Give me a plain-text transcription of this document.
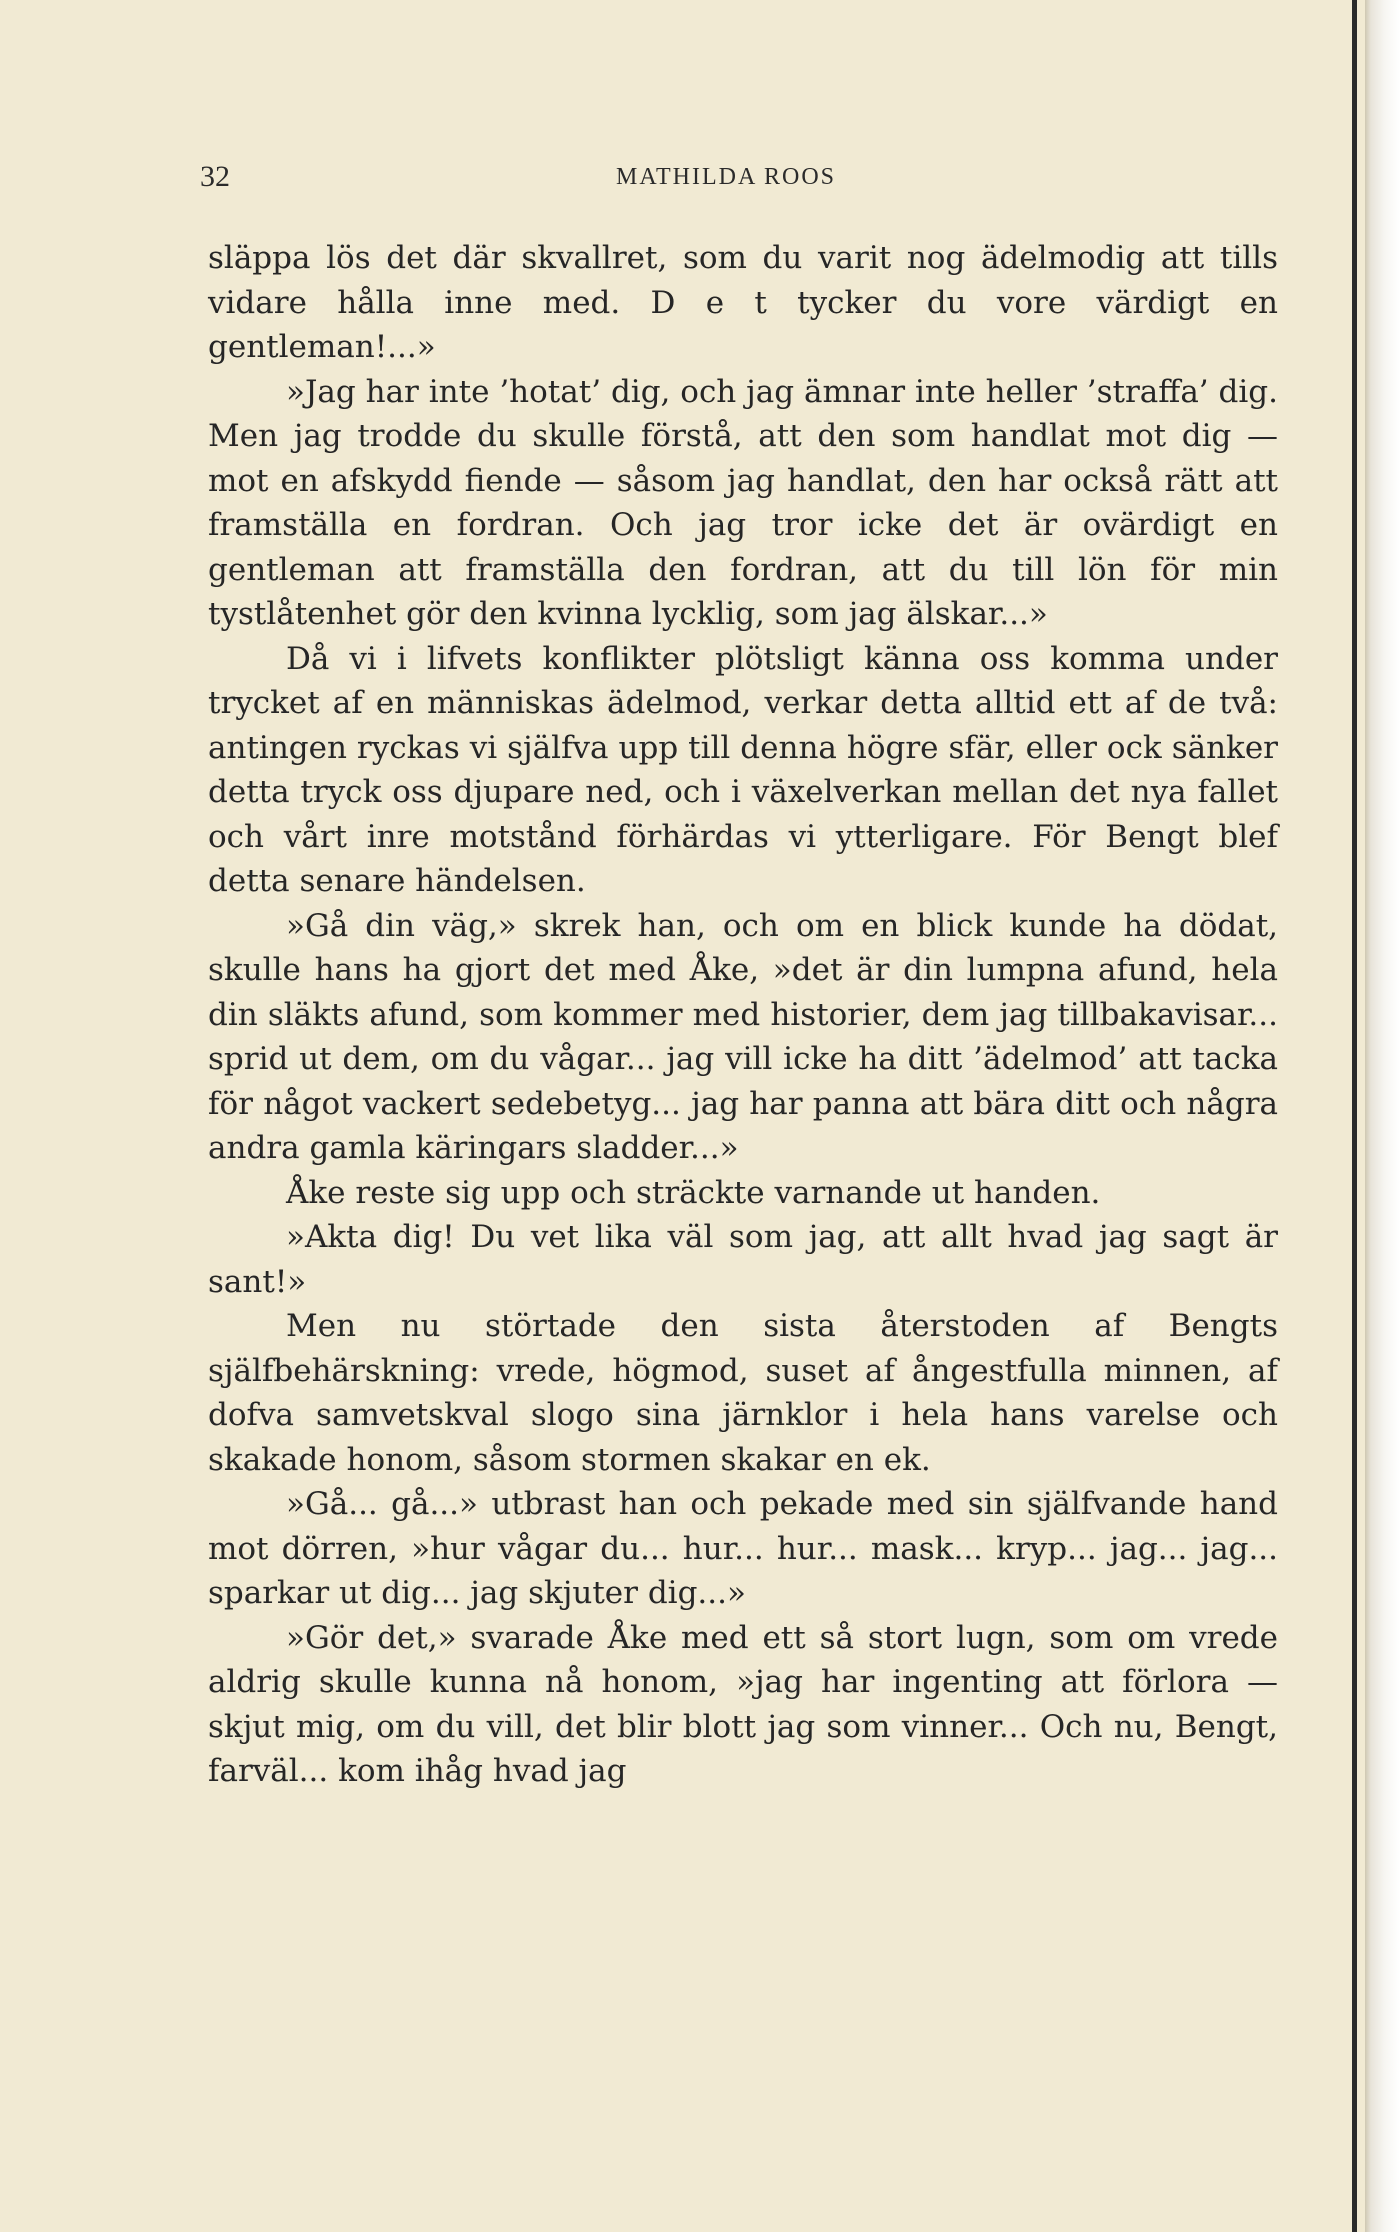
32	MATHILDA ROOS

släppa lös det där skvallret, som du varit nog ädelmodig att tills vidare hålla inne med. D e t tycker du vore värdigt en gentleman!...»

»Jag har inte ’hotat’ dig, och jag ämnar inte heller ’straffa’ dig. Men jag trodde du skulle förstå, att den som handlat mot dig — mot en afskydd fiende — såsom jag handlat, den har också rätt att framställa en fordran. Och jag tror icke det är ovärdigt en gentleman att framställa den fordran, att du till lön för min tystlåtenhet gör den kvinna lycklig, som jag älskar...»

Då vi i lifvets konflikter plötsligt känna oss komma under trycket af en människas ädelmod, verkar detta alltid ett af de två: antingen ryckas vi själfva upp till denna högre sfär, eller ock sänker detta tryck oss djupare ned, och i växelverkan mellan det nya fallet och vårt inre motstånd förhärdas vi ytterligare. För Bengt blef detta senare händelsen.

»Gå din väg,» skrek han, och om en blick kunde ha dödat, skulle hans ha gjort det med Åke, »det är din lumpna afund, hela din släkts afund, som kommer med historier, dem jag tillbakavisar... sprid ut dem, om du vågar... jag vill icke ha ditt ’ädelmod’ att tacka för något vackert sedebetyg... jag har panna att bära ditt och några andra gamla käringars sladder...»

Åke reste sig upp och sträckte varnande ut handen.

»Akta dig! Du vet lika väl som jag, att allt hvad jag sagt är sant!»

Men nu störtade den sista återstoden af Bengts själfbehärskning: vrede, högmod, suset af ångestfulla minnen, af dofva samvetskval slogo sina järnklor i hela hans varelse och skakade honom, såsom stormen skakar en ek.

»Gå... gå...» utbrast han och pekade med sin själfvande hand mot dörren, »hur vågar du... hur... hur... mask... kryp... jag... jag... sparkar ut dig... jag skjuter dig...»

»Gör det,» svarade Åke med ett så stort lugn, som om vrede aldrig skulle kunna nå honom, »jag har ingenting att förlora — skjut mig, om du vill, det blir blott jag som vinner... Och nu, Bengt, farväl... kom ihåg hvad jag
